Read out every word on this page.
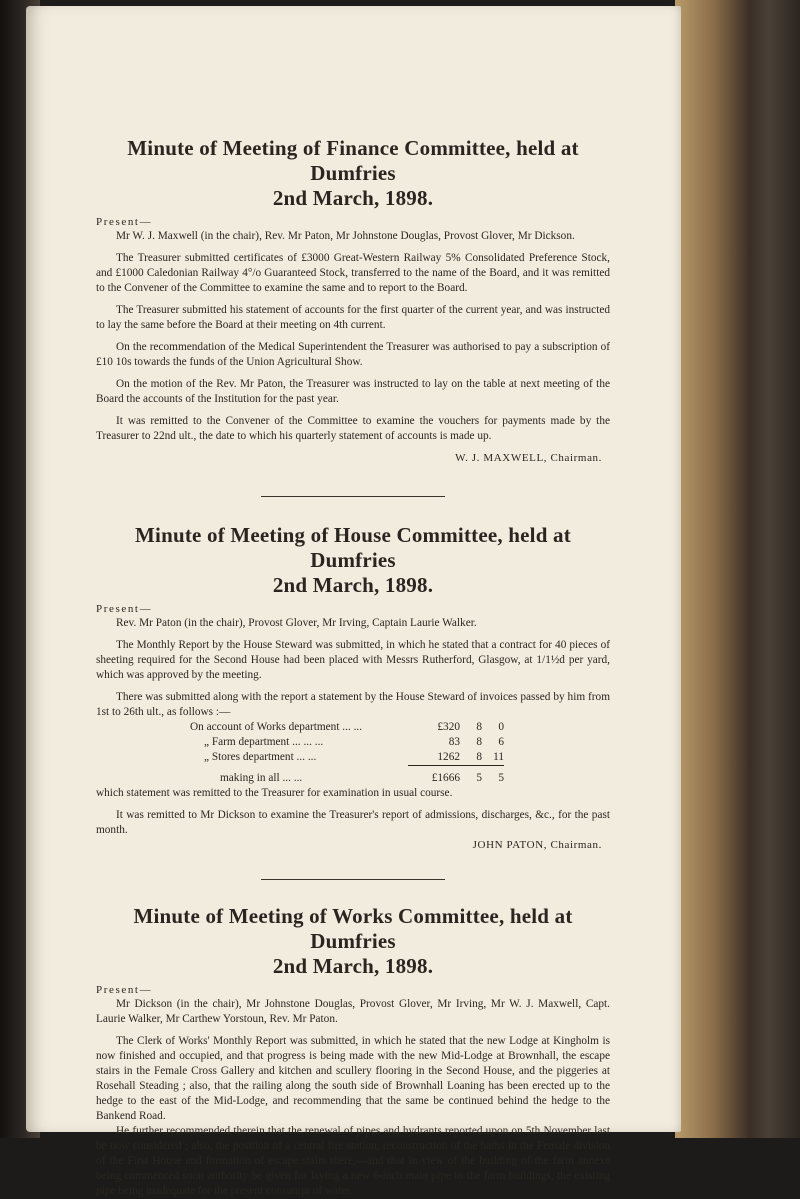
Minute of Meeting of Finance Committee, held at Dumfries
2nd March, 1898.
Present—

Mr W. J. Maxwell (in the chair), Rev. Mr Paton, Mr Johnstone Douglas, Provost Glover, Mr Dickson.

The Treasurer submitted certificates of £3000 Great-Western Railway 5% Consolidated Preference Stock, and £1000 Caledonian Railway 4°/o Guaranteed Stock, transferred to the name of the Board, and it was remitted to the Convener of the Committee to examine the same and to report to the Board.

The Treasurer submitted his statement of accounts for the first quarter of the current year, and was instructed to lay the same before the Board at their meeting on 4th current.

On the recommendation of the Medical Superintendent the Treasurer was authorised to pay a subscription of £10 10s towards the funds of the Union Agricultural Show.

On the motion of the Rev. Mr Paton, the Treasurer was instructed to lay on the table at next meeting of the Board the accounts of the Institution for the past year.

It was remitted to the Convener of the Committee to examine the vouchers for payments made by the Treasurer to 22nd ult., the date to which his quarterly statement of accounts is made up.

W. J. MAXWELL, Chairman.
Minute of Meeting of House Committee, held at Dumfries
2nd March, 1898.
Present—

Rev. Mr Paton (in the chair), Provost Glover, Mr Irving, Captain Laurie Walker.

The Monthly Report by the House Steward was submitted, in which he stated that a contract for 40 pieces of sheeting required for the Second House had been placed with Messrs Rutherford, Glasgow, at 1/1½d per yard, which was approved by the meeting.

There was submitted along with the report a statement by the House Steward of invoices passed by him from 1st to 26th ult., as follows :—

On account of Works department ... ...	£320	8	0
„ Farm department ... ... ...	83	8	6
„ Stores department ... ...	1262	8	11

making in all ... ...	£1666	5	5

which statement was remitted to the Treasurer for examination in usual course.

It was remitted to Mr Dickson to examine the Treasurer's report of admissions, discharges, &c., for the past month.

JOHN PATON, Chairman.
Minute of Meeting of Works Committee, held at Dumfries
2nd March, 1898.
Present—

Mr Dickson (in the chair), Mr Johnstone Douglas, Provost Glover, Mr Irving, Mr W. J. Maxwell, Capt. Laurie Walker, Mr Carthew Yorstoun, Rev. Mr Paton.

The Clerk of Works' Monthly Report was submitted, in which he stated that the new Lodge at Kingholm is now finished and occupied, and that progress is being made with the new Mid-Lodge at Brownhall, the escape stairs in the Female Cross Gallery and kitchen and scullery flooring in the Second House, and the piggeries at Rosehall Steading ; also, that the railing along the south side of Brownhall Loaning has been erected up to the hedge to the east of the Mid-Lodge, and recommending that the same be continued behind the hedge to the Bankend Road.

He further recommended therein that the renewal of pipes and hydrants reported upon on 5th November last be now considered ; also, the position of a central fire station, reconstruction of the baths in the Female division of the First House and formation of escape stairs there,—and that in view of the building of the farm annexe being commenced soon authority be given for laying a new 6-inch main pipe to the farm buildings, the existing pipe being inadequate for the present consumpt of water.
